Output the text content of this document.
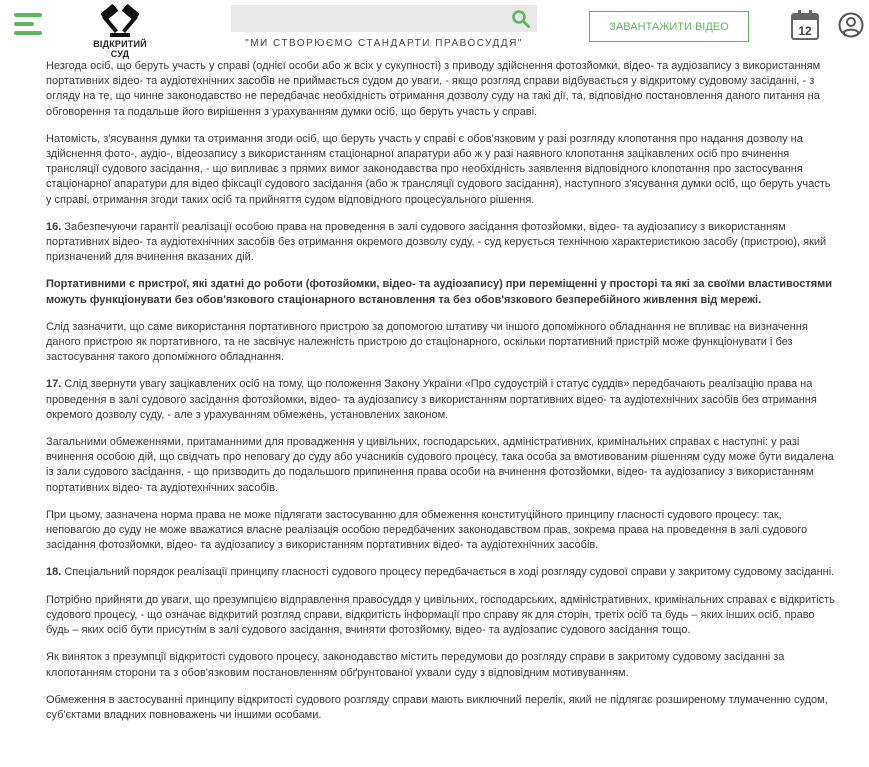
ВІДКРИТИЙ СУД
"МИ СТВОРЮЄМО СТАНДАРТИ ПРАВОСУДДЯ"
ЗАВАНТАЖИТИ ВІДЕО	12

Незгода осіб, що беруть участь у справі (однієї особи або ж всіх у сукупності) з приводу здійснення фотозйомки, відео- та аудіозапису з використанням портативних відео- та аудіотехнічних засобів не приймається судом до уваги, - якщо розгляд справи відбувається у відкритому судовому засіданні, - з огляду на те, що чинне законодавство не передбачає необхідність отримання дозволу суду на такі дії, та, відповідно постановлення даного питання на обговорення та подальше його вирішення з урахуванням думки осіб, що беруть участь у справі.

Натомість, з'ясування думки та отримання згоди осіб, що беруть участь у справі є обов'язковим у разі розгляду клопотання про надання дозволу на здійснення фото-, аудіо-, відеозапису з використанням стаціонарної апаратури або ж у разі наявного клопотання зацікавлених осіб про вчинення трансляції судового засідання, - що випливає з прямих вимог законодавства про необхідність заявлення відповідного клопотання про застосування стаціонарної апаратури для відео фіксації судового засідання (або ж трансляції судового засідання), наступного з'ясування думки осіб, що беруть участь у справі, отримання згоди таких осіб та прийняття судом відповідного процесуального рішення.

16. Забезпечуючи гарантії реалізації особою права на проведення в залі судового засідання фотозйомки, відео- та аудіозапису з використанням портативних відео- та аудіотехнічних засобів без отримання окремого дозволу суду, - суд керується технічною характеристикою засобу (пристрою), який призначений для вчинення вказаних дій.

Портативними є пристрої, які здатні до роботи (фотозйомки, відео- та аудіозапису) при переміщенні у просторі та які за своїми властивостями можуть функціонувати без обов'язкового стаціонарного встановлення та без обов'язкового безперебійного живлення від мережі.

Слід зазначити, що саме використання портативного пристрою за допомогою штативу чи іншого допоміжного обладнання не впливає на визначення даного пристрою як портативного, та не засвічує належність пристрою до стаціонарного, оскільки портативний пристрій може функціонувати і без застосування такого допоміжного обладнання.

17. Слід звернути увагу зацікавлених осіб на тому, що положення Закону України «Про судоустрій і статус суддів» передбачають реалізацію права на проведення в залі судового засідання фотозйомки, відео- та аудіозапису з використанням портативних відео- та аудіотехнічних засобів без отримання окремого дозволу суду, - але з урахуванням обмежень, установлених законом.

Загальними обмеженнями, притаманними для провадження у цивільних, господарських, адміністративних, кримінальних справах є наступні: у разі вчинення особою дій, що свідчать про неповагу до суду або учасників судового процесу, така особа за вмотивованим рішенням суду може бути видалена із зали судового засідання, - що призводить до подальшого припинення права особи на вчинення фотозйомки, відео- та аудіозапису з використанням портативних відео- та аудіотехнічних засобів.

При цьому, зазначена норма права не може підлягати застосуванню для обмеження конституційного принципу гласності судового процесу: так, неповагою до суду не може вважатися власне реалізація особою передбачених законодавством прав, зокрема права на проведення в залі судового засідання фотозйомки, відео- та аудіозапису з використанням портативних відео- та аудіотехнічних засобів.

18. Спеціальний порядок реалізації принципу гласності судового процесу передбачається в ході розгляду судової справи у закритому судовому засіданні.

Потрібно прийняти до уваги, що презумпцією відправлення правосуддя у цивільних, господарських, адміністративних, кримінальних справах є відкритість судового процесу, - що означає відкритий розгляд справи, відкритість інформації про справу як для сторін, третіх осіб та будь – яких інших осіб, право будь – яких осіб бути присутнім в залі судового засідання, вчиняти фотозйомку, відео- та аудіозапис судового засідання тощо.

Як виняток з презумпції відкритості судового процесу, законодавство містить передумови до розгляду справи в закритому судовому засіданні за клопотанням сторони та з обов'язковим постановленням обґрунтованої ухвали суду з відповідним мотивуванням.

Обмеження в застосуванні принципу відкритості судового розгляду справи мають виключний перелік, який не підлягає розширеному тлумаченню судом, суб'єктами владних повноважень чи іншими особами.
